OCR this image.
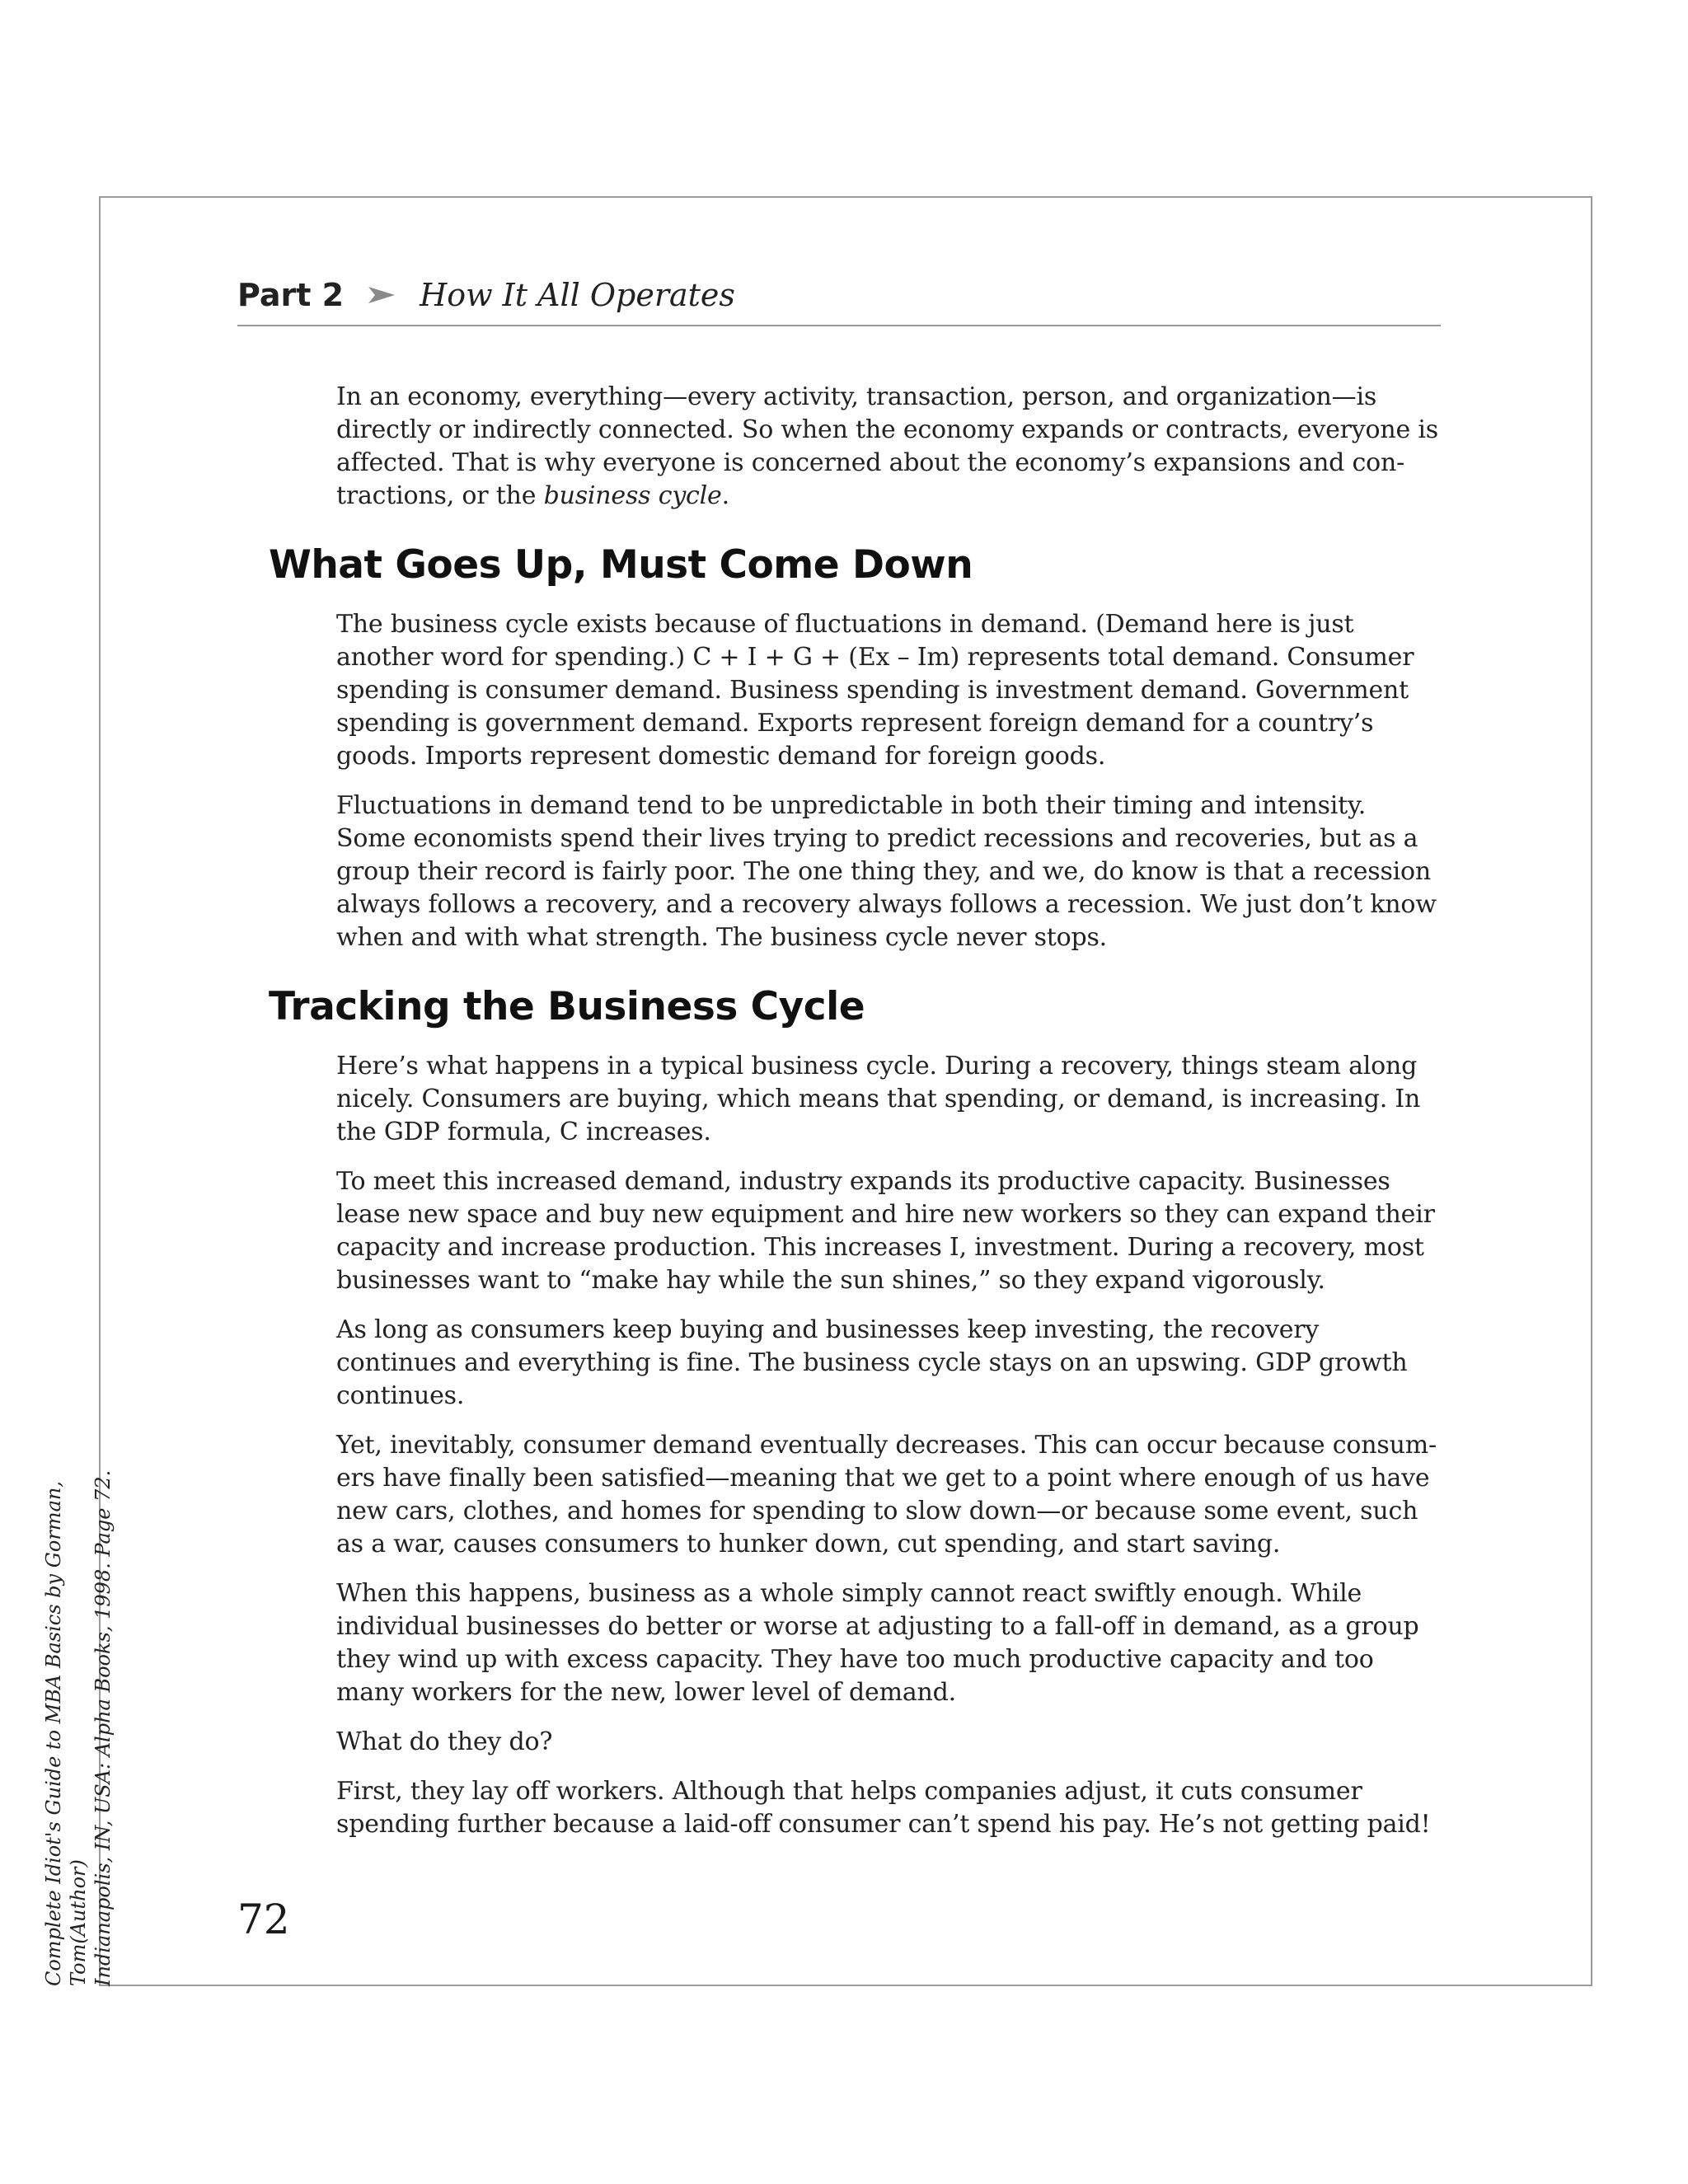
Part 2 How It All Operates

In an economy, everything—every activity, transaction, person, and organization—is directly or indirectly connected. So when the economy expands or contracts, everyone is affected. That is why everyone is concerned about the economy’s expansions and con-tractions, or the business cycle.

What Goes Up, Must Come Down

The business cycle exists because of fluctuations in demand. (Demand here is just another word for spending.) C + I + G + (Ex – Im) represents total demand. Consumer spending is consumer demand. Business spending is investment demand. Government spending is government demand. Exports represent foreign demand for a country’s goods. Imports represent domestic demand for foreign goods.

Fluctuations in demand tend to be unpredictable in both their timing and intensity. Some economists spend their lives trying to predict recessions and recoveries, but as a group their record is fairly poor. The one thing they, and we, do know is that a recession always follows a recovery, and a recovery always follows a recession. We just don’t know when and with what strength. The business cycle never stops.

Tracking the Business Cycle

Here’s what happens in a typical business cycle. During a recovery, things steam along nicely. Consumers are buying, which means that spending, or demand, is increasing. In the GDP formula, C increases.

To meet this increased demand, industry expands its productive capacity. Businesses lease new space and buy new equipment and hire new workers so they can expand their capacity and increase production. This increases I, investment. During a recovery, most businesses want to “make hay while the sun shines,” so they expand vigorously.

As long as consumers keep buying and businesses keep investing, the recovery continues and everything is fine. The business cycle stays on an upswing. GDP growth continues.

Yet, inevitably, consumer demand eventually decreases. This can occur because consum-ers have finally been satisfied—meaning that we get to a point where enough of us have new cars, clothes, and homes for spending to slow down—or because some event, such as a war, causes consumers to hunker down, cut spending, and start saving.

When this happens, business as a whole simply cannot react swiftly enough. While individual businesses do better or worse at adjusting to a fall-off in demand, as a group they wind up with excess capacity. They have too much productive capacity and too many workers for the new, lower level of demand.

What do they do?

First, they lay off workers. Although that helps companies adjust, it cuts consumer spending further because a laid-off consumer can’t spend his pay. He’s not getting paid!

72
Complete Idiot's Guide to MBA Basics by Gorman, Tom(Author) Indianapolis, IN, USA: Alpha Books, 1998. Page 72.
